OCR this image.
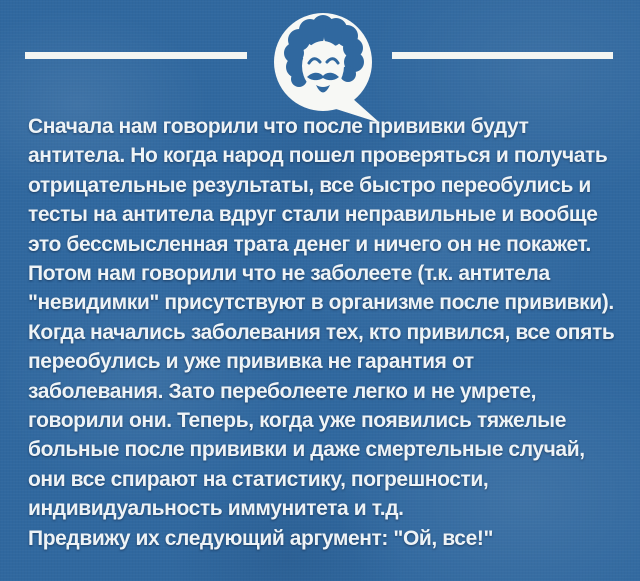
Сначала нам говорили что после прививки будут
антитела. Но когда народ пошел проверяться и получать
отрицательные результаты, все быстро переобулись и
тесты на антитела вдруг стали неправильные и вообще
это бессмысленная трата денег и ничего он не покажет.
Потом нам говорили что не заболеете (т.к. антитела
"невидимки" присутствуют в организме после прививки).
Когда начались заболевания тех, кто привился, все опять
переобулись и уже прививка не гарантия от
заболевания. Зато переболеете легко и не умрете,
говорили они. Теперь, когда уже появились тяжелые
больные после прививки и даже смертельные случай,
они все спирают на статистику, погрешности,
индивидуальность иммунитета и т.д.
Предвижу их следующий аргумент: "Ой, все!"
